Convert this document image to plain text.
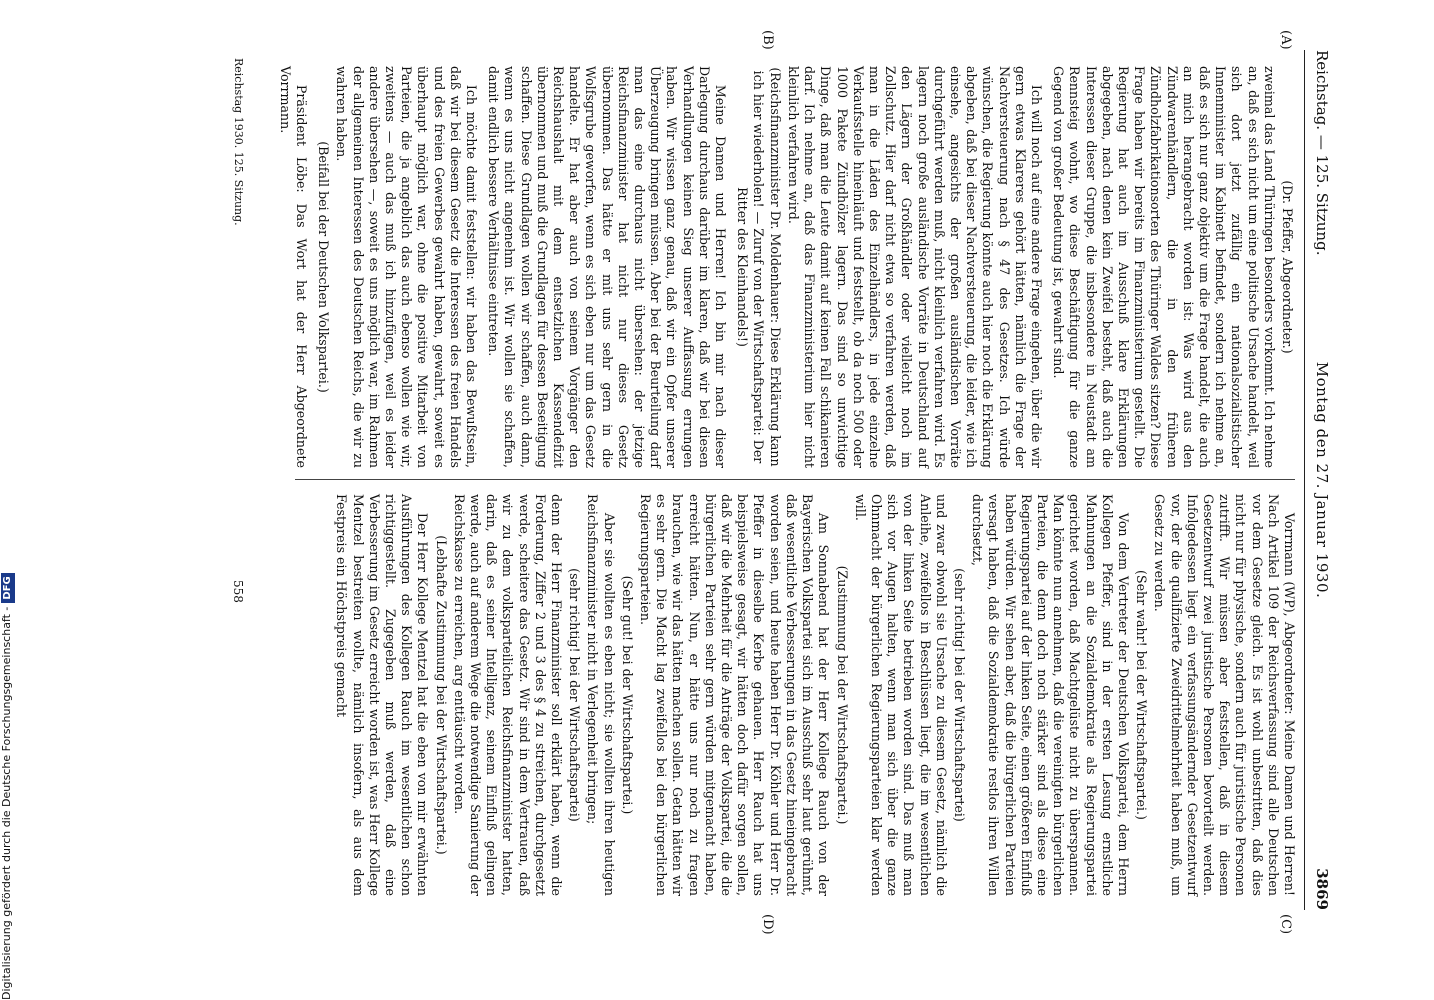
Reichstag. — 125. Sitzung.
Montag den 27. Januar 1930.
3869
(A)
(B)
(C)
(D)

(Dr. Pfeffer, Abgeordneter.)

zweimal das Land Thüringen besonders vorkommt. Ich nehme an, daß es sich nicht um eine politische Ursache handelt, weil sich dort jetzt zufällig ein nationalsozialistischer Innenminister im Kabinett befindet, sondern ich nehme an, daß es sich nur ganz objektiv um die Frage handelt, die auch an mich herangebracht worden ist: Was wird aus den Zündwarenhändlern, die in den früheren Zündholzfabrikationsorten des Thüringer Waldes sitzen? Diese Frage haben wir bereits im Finanzministerium gestellt. Die Regierung hat auch im Ausschuß klare Erklärungen abgegeben, nach denen kein Zweifel besteht, daß auch die Interessen dieser Gruppe, die insbesondere in Neustadt am Rennsteig wohnt, wo diese Beschäftigung für die ganze Gegend von großer Bedeutung ist, gewahrt sind.

Ich will noch auf eine andere Frage eingehen, über die wir gern etwas Klareres gehört hätten, nämlich die Frage der Nachversteuerung nach § 47 des Gesetzes. Ich würde wünschen, die Regierung könnte auch hier noch die Erklärung abgeben, daß bei dieser Nachversteuerung, die leider, wie ich einsehe, angesichts der großen ausländischen Vorräte durchgeführt werden muß, nicht kleinlich verfahren wird. Es lagern noch große ausländische Vorräte in Deutschland auf den Lägern der Großhändler oder vielleicht noch im Zollschutz. Hier darf nicht etwa so verfahren werden, daß man in die Läden des Einzelhändlers, in jede einzelne Verkaufsstelle hineinläuft und feststellt, ob da noch 500 oder 1000 Pakete Zündhölzer lagern. Das sind so unwichtige Dinge, daß man die Leute damit auf keinen Fall schikanieren darf. Ich nehme an, daß das Finanzministerium hier nicht kleinlich verfahren wird.

(Reichsfinanzminister Dr. Moldenhauer: Diese Erklärung kann ich hier wiederholen! — Zuruf von der Wirtschaftspartei: Der Ritter des Kleinhandels!)

Meine Damen und Herren! Ich bin mir nach dieser Darlegung durchaus darüber im klaren, daß wir bei diesen Verhandlungen keinen Sieg unserer Auffassung errungen haben. Wir wissen ganz genau, daß wir ein Opfer unserer Überzeugung bringen müssen. Aber bei der Beurteilung darf man das eine durchaus nicht übersehen: der jetzige Reichsfinanzminister hat nicht nur dieses Gesetz übernommen. Das hätte er mit uns sehr gern in die Wolfsgrube geworfen, wenn es sich eben nur um das Gesetz handelte. Er hat aber auch von seinem Vorgänger den Reichshaushalt mit dem entsetzlichen Kassendefizit übernommen und muß die Grundlagen für dessen Beseitigung schaffen. Diese Grundlagen wollen wir schaffen, auch dann, wenn es uns nicht angenehm ist. Wir wollen sie schaffen, damit endlich bessere Verhältnisse eintreten.

Ich möchte damit feststellen: wir haben das Bewußtsein, daß wir bei diesem Gesetz die Interessen des freien Handels und des freien Gewerbes gewahrt haben, gewahrt, soweit es überhaupt möglich war, ohne die positive Mitarbeit von Parteien, die ja angeblich das auch ebenso wollen wie wir, zweitens — auch das muß ich hinzufügen, weil es leider andere übersehen —, soweit es uns möglich war, im Rahmen der allgemeinen Interessen des Deutschen Reichs, die wir zu wahren haben.

(Beifall bei der Deutschen Volkspartei.)

Präsident Löbe: Das Wort hat der Herr Abgeordnete Vorrmann.

Vorrmann (WP), Abgeordneter: Meine Damen und Herren! Nach Artikel 109 der Reichsverfassung sind alle Deutschen vor dem Gesetze gleich. Es ist wohl unbestritten, daß dies nicht nur für physische, sondern auch für juristische Personen zutrifft. Wir müssen aber feststellen, daß in diesem Gesetzentwurf zwei juristische Personen bevorteilt werden. Infolgedessen liegt ein verfassungsändernder Gesetzentwurf vor, der die qualifizierte Zweidrittelmehrheit haben muß, um Gesetz zu werden.

(Sehr wahr! bei der Wirtschaftspartei.)

Von dem Vertreter der Deutschen Volkspartei, dem Herrn Kollegen Pfeffer, sind in der ersten Lesung ernstliche Mahnungen an die Sozialdemokratie als Regierungspartei gerichtet worden, daß Machtgelüste nicht zu überspannen. Man könnte nun annehmen, daß die vereinigten bürgerlichen Parteien, die denn doch noch stärker sind als diese eine Regierungspartei auf der linken Seite, einen größeren Einfluß haben würden. Wir sehen aber, daß die bürgerlichen Parteien versagt haben, daß die Sozialdemokratie restlos ihren Willen durchsetzt,

(sehr richtig! bei der Wirtschaftspartei)

und zwar obwohl sie Ursache zu diesem Gesetz, nämlich die Anleihe, zweifellos in Beschlüssen liegt, die im wesentlichen von der linken Seite betrieben worden sind. Das muß man sich vor Augen halten, wenn man sich über die ganze Ohnmacht der bürgerlichen Regierungsparteien klar werden will.

(Zustimmung bei der Wirtschaftspartei.)

Am Sonnabend hat der Herr Kollege Rauch von der Bayerischen Volkspartei sich im Ausschuß sehr laut gerühmt, daß wesentliche Verbesserungen in das Gesetz hineingebracht worden seien, und heute haben Herr Dr. Köhler und Herr Dr. Pfeffer in dieselbe Kerbe gehauen. Herr Rauch hat uns beispielsweise gesagt, wir hätten doch dafür sorgen sollen, daß wir die Mehrheit für die Anträge der Volkspartei, die die bürgerlichen Parteien sehr gern würden mitgemacht haben, erreicht hätten. Nun, er hätte uns nur noch zu fragen brauchen, wie wir das hätten machen sollen. Getan hätten wir es sehr gern. Die Macht lag zweifellos bei den bürgerlichen Regierungsparteien.

(Sehr gut! bei der Wirtschaftspartei.)

Aber sie wollten es eben nicht; sie wollten ihren heutigen Reichsfinanzminister nicht in Verlegenheit bringen;

(sehr richtig! bei der Wirtschaftspartei)

denn der Herr Finanzminister soll erklärt haben, wenn die Forderung, Ziffer 2 und 3 des § 4 zu streichen, durchgesetzt werde, scheitere das Gesetz. Wir sind in dem Vertrauen, daß wir zu dem volksparteilichen Reichsfinanzminister hatten, darin, daß es seiner Intelligenz, seinem Einfluß gelingen werde, auch auf anderem Wege die notwendige Sanierung der Reichskasse zu erreichen, arg enttäuscht worden.

(Lebhafte Zustimmung bei der Wirtschaftspartei.)

Der Herr Kollege Mentzel hat die eben von mir erwähnten Ausführungen des Kollegen Rauch im wesentlichen schon richtiggestellt. Zugegeben muß werden, daß eine Verbesserung im Gesetz erreicht worden ist, was Herr Kollege Mentzel bestreiten wollte, nämlich insofern, als aus dem Festpreis ein Höchstpreis gemacht

Reichstag 1930. 125. Sitzung.
558
Digitalisierung gefördert durch die Deutsche Forschungsgemeinschaft -DFG
